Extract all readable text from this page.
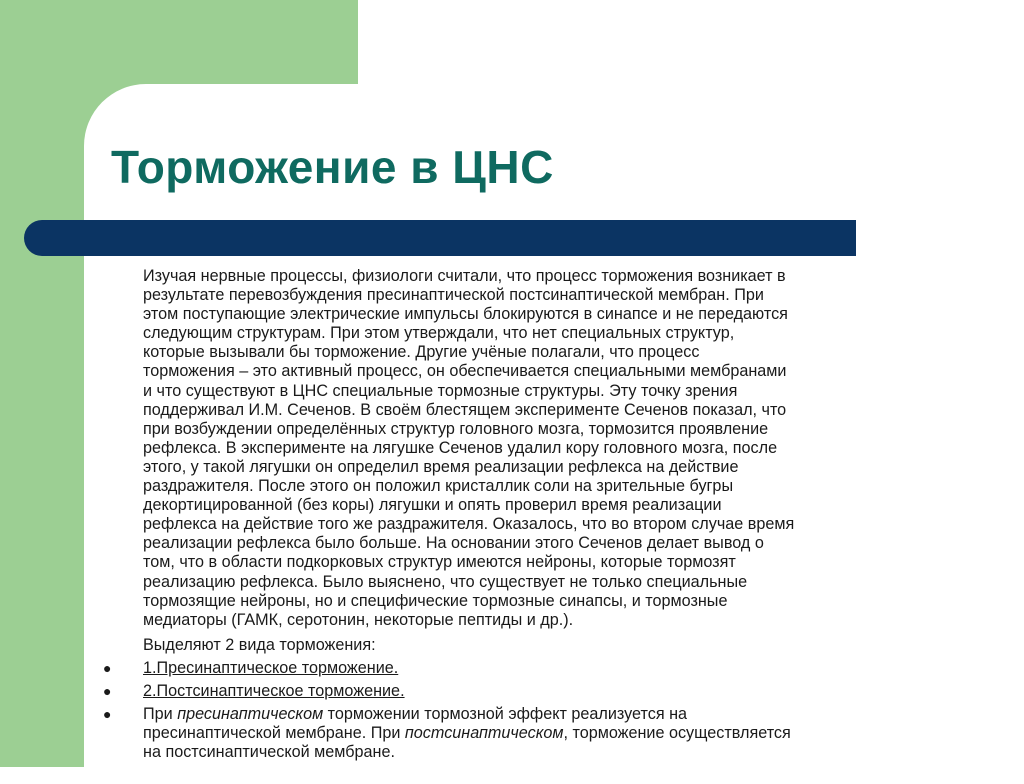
Торможение в ЦНС
Изучая нервные процессы, физиологи считали, что процесс торможения возникает в
результате перевозбуждения пресинаптической постсинаптической мембран. При
этом поступающие электрические импульсы блокируются в синапсе и не передаются
следующим структурам. При этом утверждали, что нет специальных структур,
которые вызывали бы торможение. Другие учёные полагали, что процесс
торможения – это активный процесс, он обеспечивается специальными мембранами
и что существуют в ЦНС специальные тормозные структуры. Эту точку зрения
поддерживал И.М. Сеченов. В своём блестящем эксперименте Сеченов показал, что
при возбуждении определённых структур головного мозга, тормозится проявление
рефлекса. В эксперименте на лягушке Сеченов удалил кору головного мозга, после
этого, у такой лягушки он определил время реализации рефлекса на действие
раздражителя. После этого он положил кристаллик соли на зрительные бугры
декортицированной (без коры) лягушки и опять проверил время реализации
рефлекса на действие того же раздражителя. Оказалось, что во втором случае время
реализации рефлекса было больше. На основании этого Сеченов делает вывод о
том, что в области подкорковых структур имеются нейроны, которые тормозят
реализацию рефлекса. Было выяснено, что существует не только специальные
тормозящие нейроны, но и специфические тормозные синапсы, и тормозные
медиаторы (ГАМК, серотонин, некоторые пептиды и др.).
Выделяют 2 вида торможения:
● 1.Пресинаптическое торможение.
● 2.Постсинаптическое торможение.
● При пресинаптическом торможении тормозной эффект реализуется на
пресинаптической мембране. При постсинаптическом, торможение осуществляется
на постсинаптической мембране.
